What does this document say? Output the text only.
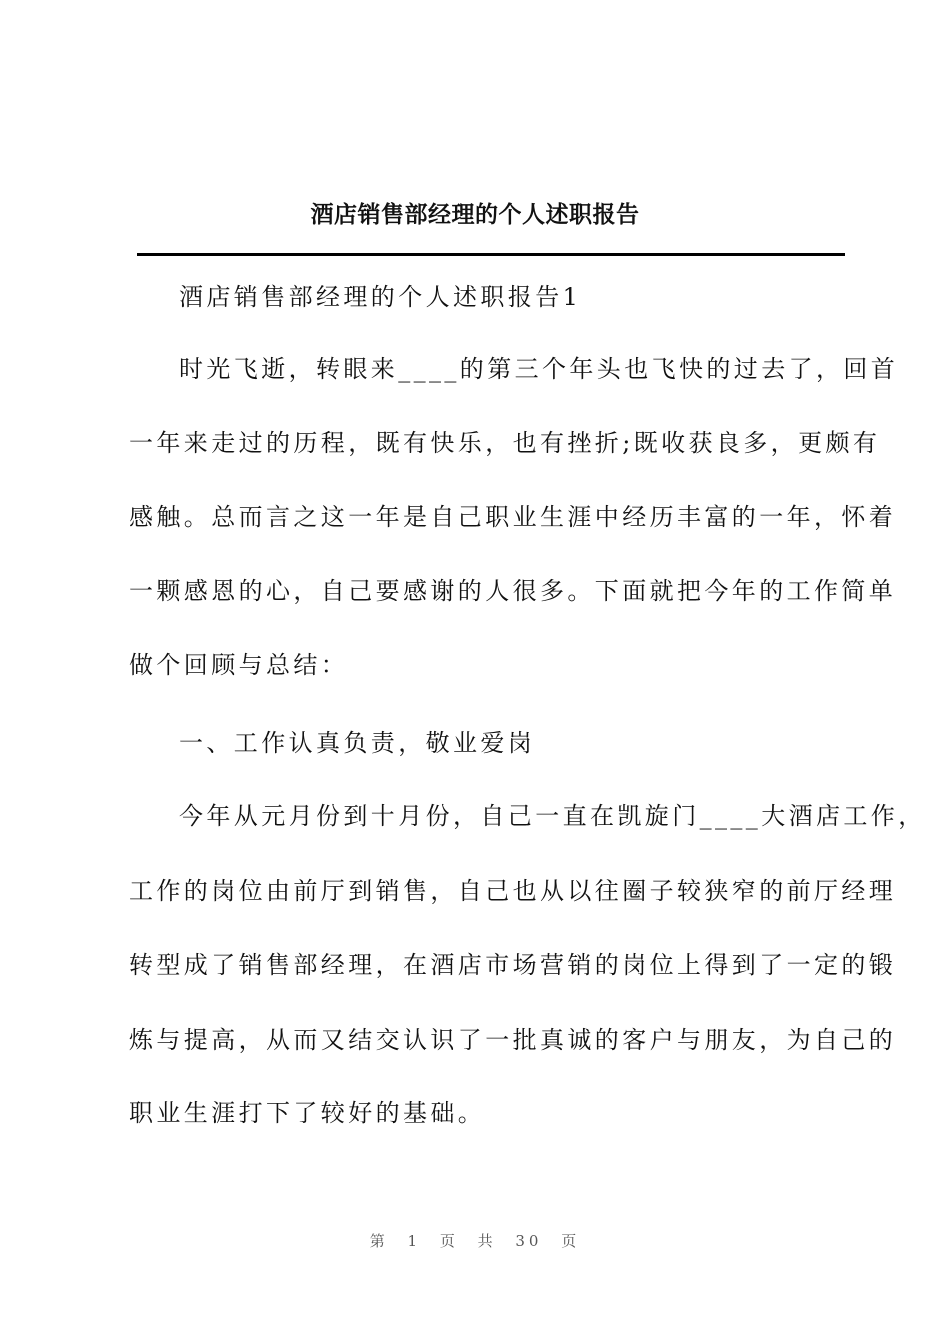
酒店销售部经理的个人述职报告
酒店销售部经理的个人述职报告1
时光飞逝，转眼来____的第三个年头也飞快的过去了，回首
一年来走过的历程，既有快乐，也有挫折;既收获良多，更颇有
感触。总而言之这一年是自己职业生涯中经历丰富的一年，怀着
一颗感恩的心，自己要感谢的人很多。下面就把今年的工作简单
做个回顾与总结：
一、工作认真负责，敬业爱岗
今年从元月份到十月份，自己一直在凯旋门____大酒店工作，
工作的岗位由前厅到销售，自己也从以往圈子较狭窄的前厅经理
转型成了销售部经理，在酒店市场营销的岗位上得到了一定的锻
炼与提高，从而又结交认识了一批真诚的客户与朋友，为自己的
职业生涯打下了较好的基础。
第 1 页 共 30 页
